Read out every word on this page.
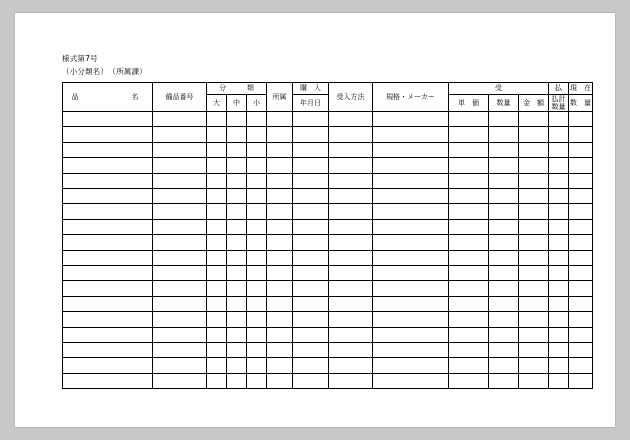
様式第7号
（小分類名）　（所属課）
品　　　　名	備品番号	分　　　類			所属	購　入	受入方法	規格・メーカー	受			払	現　在
		大	中	小		年月日			単　価	数量	金　額	払計数量	数　量
